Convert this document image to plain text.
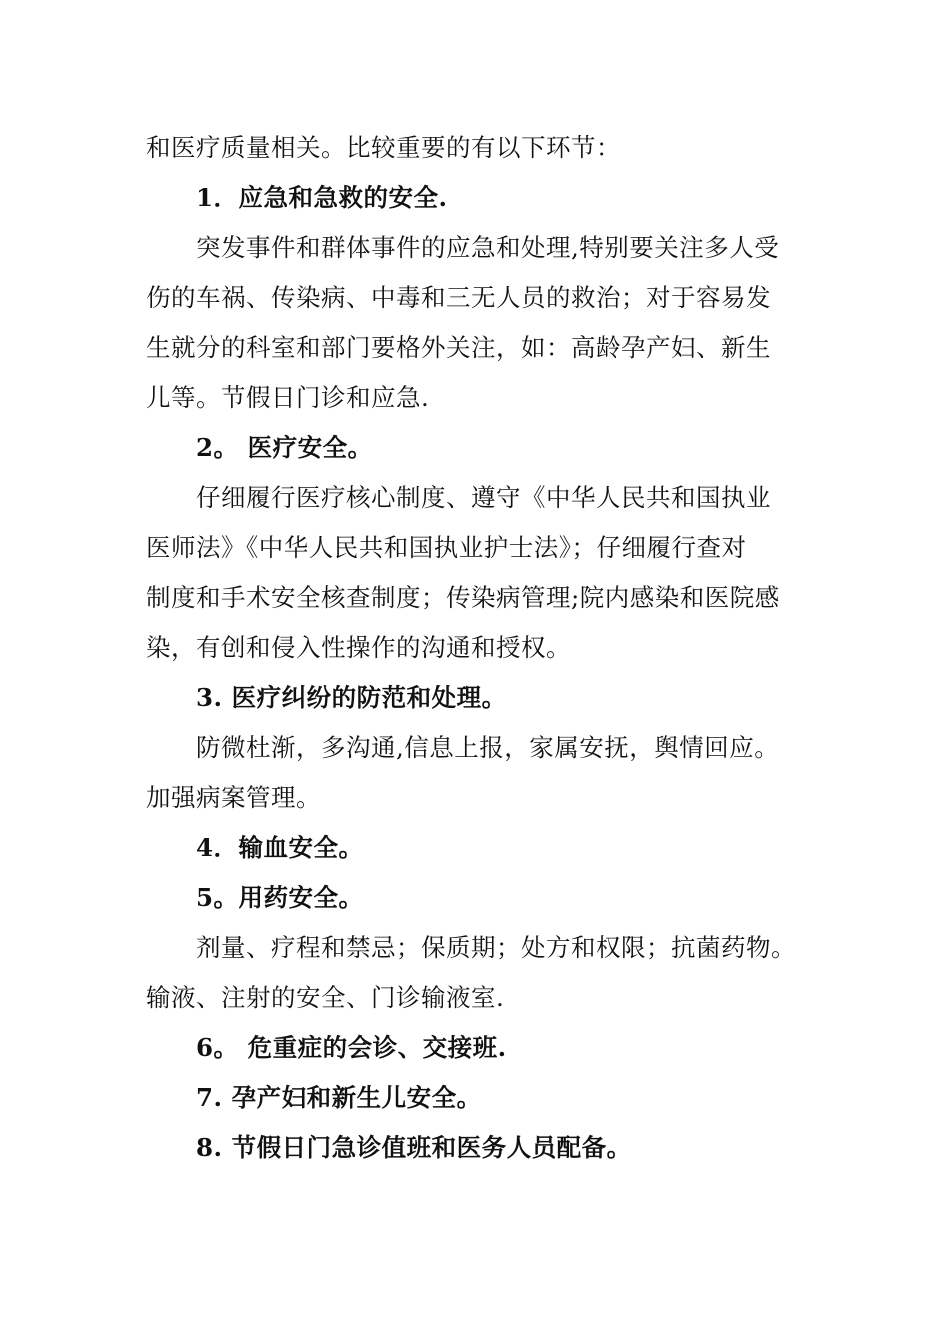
和医疗质量相关。比较重要的有以下环节：
1．应急和急救的安全.
突发事件和群体事件的应急和处理,特别要关注多人受
伤的车祸、传染病、中毒和三无人员的救治；对于容易发
生就分的科室和部门要格外关注，如：高龄孕产妇、新生
儿等。节假日门诊和应急.
2。 医疗安全。
仔细履行医疗核心制度、遵守《中华人民共和国执业
医师法》《中华人民共和国执业护士法》；仔细履行查对
制度和手术安全核查制度；传染病管理;院内感染和医院感
染，有创和侵入性操作的沟通和授权。
3. 医疗纠纷的防范和处理。
防微杜渐，多沟通,信息上报，家属安抚，舆情回应。
加强病案管理。
4．输血安全。
5。用药安全。
剂量、疗程和禁忌；保质期；处方和权限；抗菌药物。
输液、注射的安全、门诊输液室.
6。 危重症的会诊、交接班.
7. 孕产妇和新生儿安全。
8. 节假日门急诊值班和医务人员配备。
